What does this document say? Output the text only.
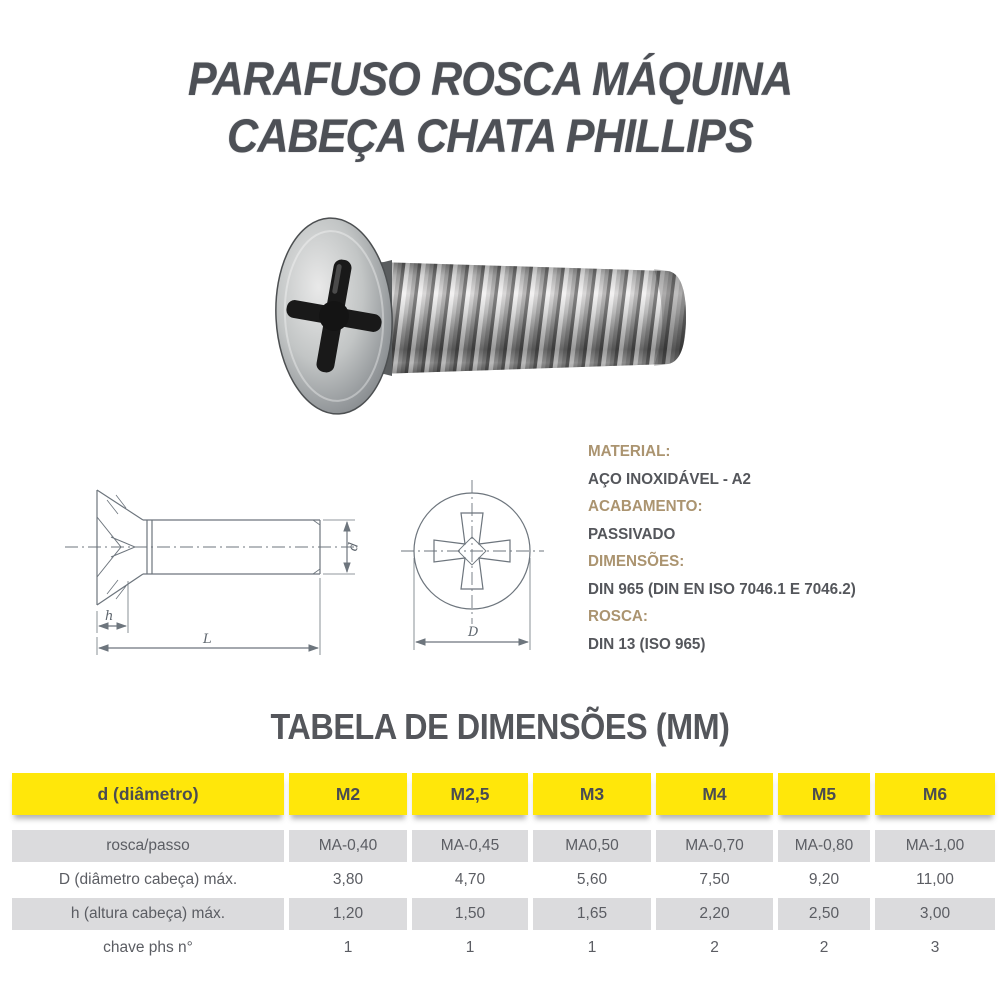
PARAFUSO ROSCA MÁQUINA
CABEÇA CHATA PHILLIPS
h
L
d
D
MATERIAL:
AÇO INOXIDÁVEL - A2
ACABAMENTO:
PASSIVADO
DIMENSÕES:
DIN 965 (DIN EN ISO 7046.1 E 7046.2)
ROSCA:
DIN 13 (ISO 965)
TABELA DE DIMENSÕES (MM)
d (diâmetro)	M2	M2,5	M3	M4	M5	M6
rosca/passo	MA-0,40	MA-0,45	MA0,50	MA-0,70	MA-0,80	MA-1,00
D (diâmetro cabeça) máx.	3,80	4,70	5,60	7,50	9,20	11,00
h (altura cabeça) máx.	1,20	1,50	1,65	2,20	2,50	3,00
chave phs n°	1	1	1	2	2	3
